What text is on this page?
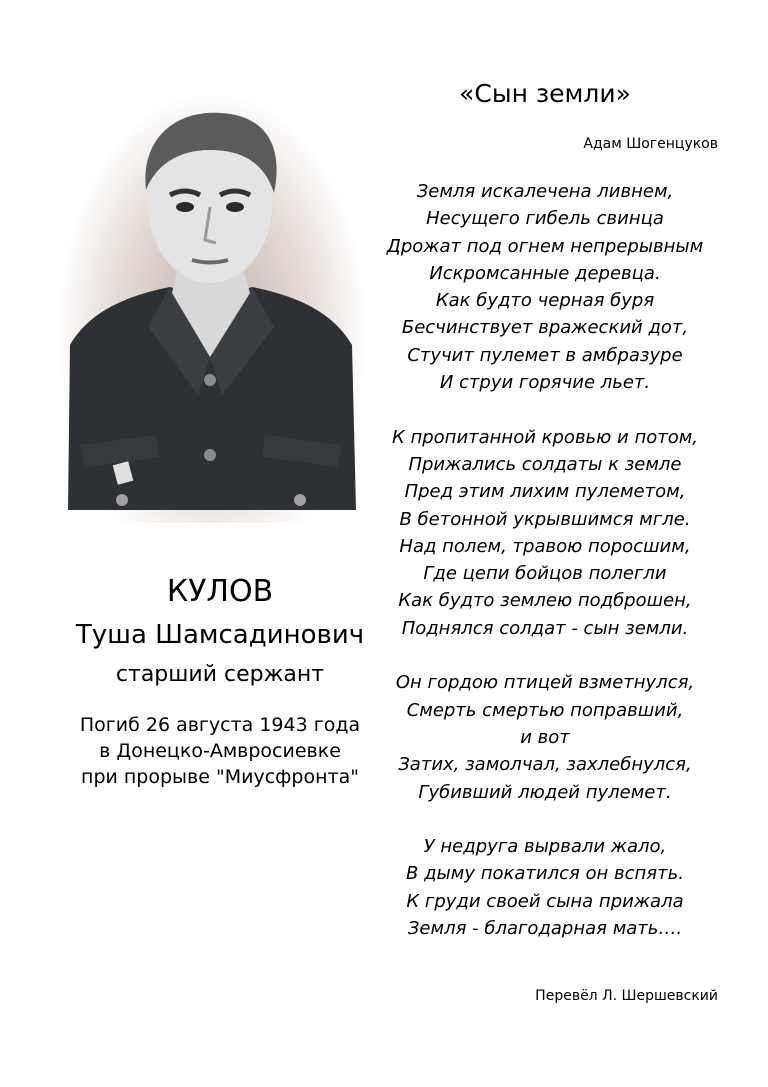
КУЛОВ
Туша Шамсадинович
старший сержант
Погиб 26 августа 1943 года
в Донецко-Амвросиевке
при прорыве "Миусфронта"
«Сын земли»
Адам Шогенцуков
Земля искалечена ливнем,
Несущего гибель свинца
Дрожат под огнем непрерывным
Искромсанные деревца.
Как будто черная буря
Бесчинствует вражеский дот,
Стучит пулемет в амбразуре
И струи горячие льет.
К пропитанной кровью и потом,
Прижались солдаты к земле
Пред этим лихим пулеметом,
В бетонной укрывшимся мгле.
Над полем, травою поросшим,
Где цепи бойцов полегли
Как будто землею подброшен,
Поднялся солдат - сын земли.
Он гордою птицей взметнулся,
Смерть смертью поправший,
и вот
Затих, замолчал, захлебнулся,
Губивший людей пулемет.
У недруга вырвали жало,
В дыму покатился он вспять.
К груди своей сына прижала
Земля - благодарная мать….
Перевёл Л. Шершевский
